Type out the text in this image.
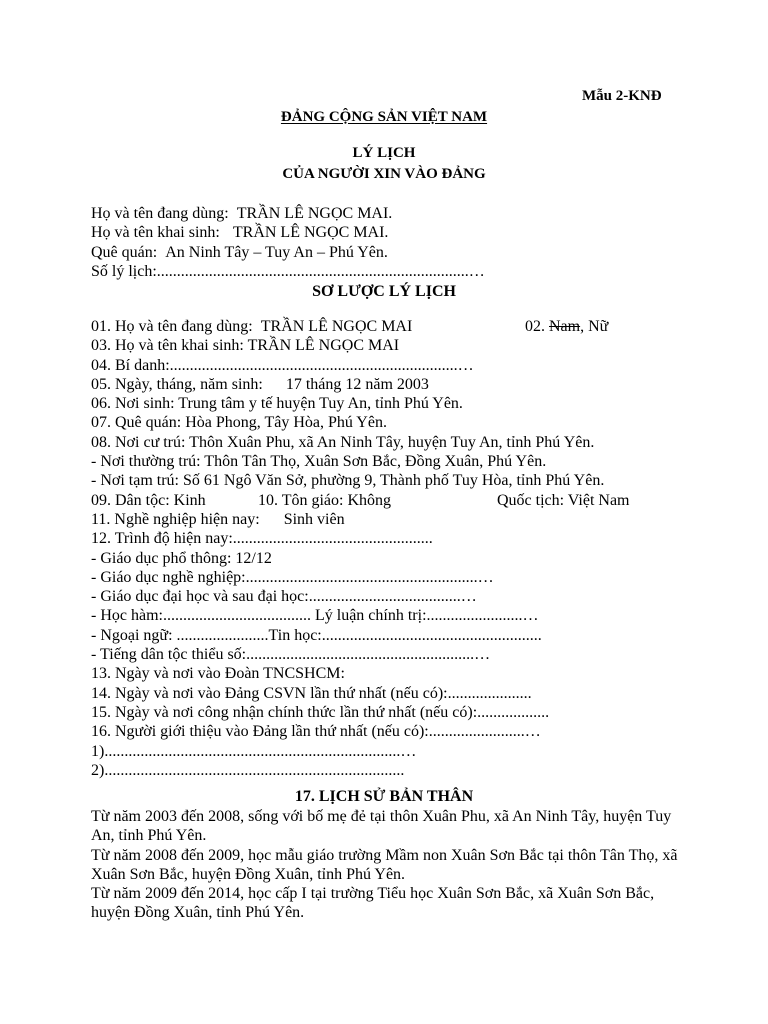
Mẫu 2-KNĐ
ĐẢNG CỘNG SẢN VIỆT NAM
LÝ LỊCH
CỦA NGƯỜI XIN VÀO ĐẢNG
Họ và tên đang dùng: TRẦN LÊ NGỌC MAI.
Họ và tên khai sinh: TRẦN LÊ NGỌC MAI.
Quê quán: An Ninh Tây – Tuy An – Phú Yên.
Số lý lịch:..............................................................................…
SƠ LƯỢC LÝ LỊCH
01. Họ và tên đang dùng: TRẦN LÊ NGỌC MAI	02. Nam, Nữ
03. Họ và tên khai sinh: TRẦN LÊ NGỌC MAI
04. Bí danh:........................................................................…
05. Ngày, tháng, năm sinh: 17 tháng 12 năm 2003
06. Nơi sinh: Trung tâm y tế huyện Tuy An, tỉnh Phú Yên.
07. Quê quán: Hòa Phong, Tây Hòa, Phú Yên.
08. Nơi cư trú: Thôn Xuân Phu, xã An Ninh Tây, huyện Tuy An, tỉnh Phú Yên.
- Nơi thường trú: Thôn Tân Thọ, Xuân Sơn Bắc, Đồng Xuân, Phú Yên.
- Nơi tạm trú: Số 61 Ngô Văn Sở, phường 9, Thành phố Tuy Hòa, tỉnh Phú Yên.
09. Dân tộc: Kinh	10. Tôn giáo: Không	Quốc tịch: Việt Nam
11. Nghề nghiệp hiện nay: Sinh viên
12. Trình độ hiện nay:..................................................
- Giáo dục phổ thông: 12/12
- Giáo dục nghề nghiệp:..........................................................…
- Giáo dục đại học và sau đại học:......................................…
- Học hàm:..................................... Lý luận chính trị:........................…
- Ngoại ngữ: .......................Tin học:.......................................................
- Tiếng dân tộc thiểu số:.........................................................…
13. Ngày và nơi vào Đoàn TNCSHCM:
14. Ngày và nơi vào Đảng CSVN lần thứ nhất (nếu có):.....................
15. Ngày và nơi công nhận chính thức lần thứ nhất (nếu có):..................
16. Người giới thiệu vào Đảng lần thứ nhất (nếu có):........................…
1)..........................................................................…
2)...........................................................................
17. LỊCH SỬ BẢN THÂN
Từ năm 2003 đến 2008, sống với bố mẹ đẻ tại thôn Xuân Phu, xã An Ninh Tây, huyện Tuy An, tỉnh Phú Yên.
Từ năm 2008 đến 2009, học mẫu giáo trường Mầm non Xuân Sơn Bắc tại thôn Tân Thọ, xã Xuân Sơn Bắc, huyện Đồng Xuân, tỉnh Phú Yên.
Từ năm 2009 đến 2014, học cấp I tại trường Tiểu học Xuân Sơn Bắc, xã Xuân Sơn Bắc, huyện Đồng Xuân, tỉnh Phú Yên.
